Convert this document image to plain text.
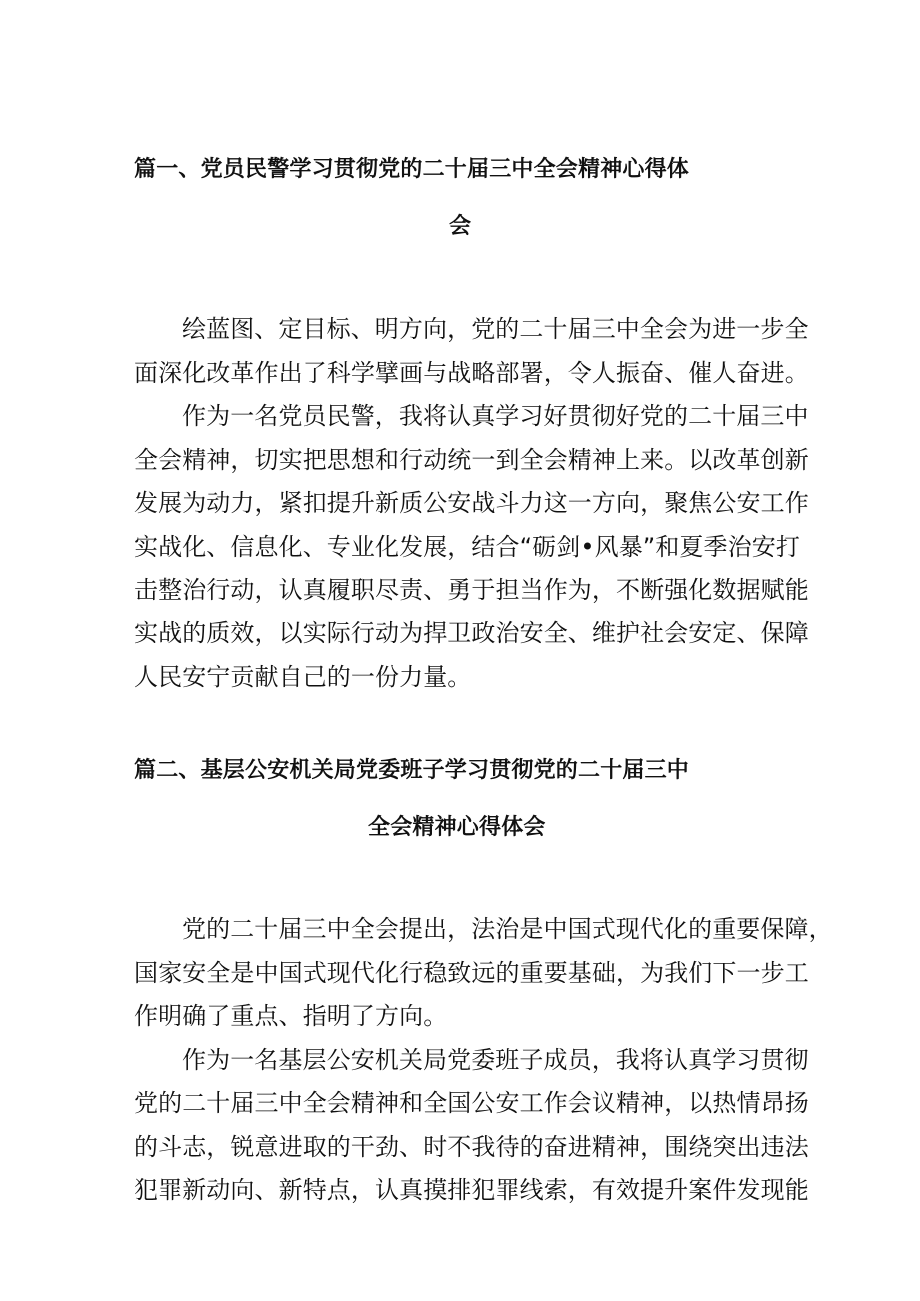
篇一、党员民警学习贯彻党的二十届三中全会精神心得体
会

绘蓝图、定目标、明方向，党的二十届三中全会为进一步全

面深化改革作出了科学擘画与战略部署，令人振奋、催人奋进。

作为一名党员民警，我将认真学习好贯彻好党的二十届三中

全会精神，切实把思想和行动统一到全会精神上来。以改革创新

发展为动力，紧扣提升新质公安战斗力这一方向，聚焦公安工作

实战化、信息化、专业化发展，结合“砺剑•风暴”和夏季治安打

击整治行动，认真履职尽责、勇于担当作为，不断强化数据赋能

实战的质效，以实际行动为捍卫政治安全、维护社会安定、保障

人民安宁贡献自己的一份力量。

篇二、基层公安机关局党委班子学习贯彻党的二十届三中
全会精神心得体会

党的二十届三中全会提出，法治是中国式现代化的重要保障，

国家安全是中国式现代化行稳致远的重要基础，为我们下一步工

作明确了重点、指明了方向。

作为一名基层公安机关局党委班子成员，我将认真学习贯彻

党的二十届三中全会精神和全国公安工作会议精神，以热情昂扬

的斗志，锐意进取的干劲、时不我待的奋进精神，围绕突出违法

犯罪新动向、新特点，认真摸排犯罪线索，有效提升案件发现能
